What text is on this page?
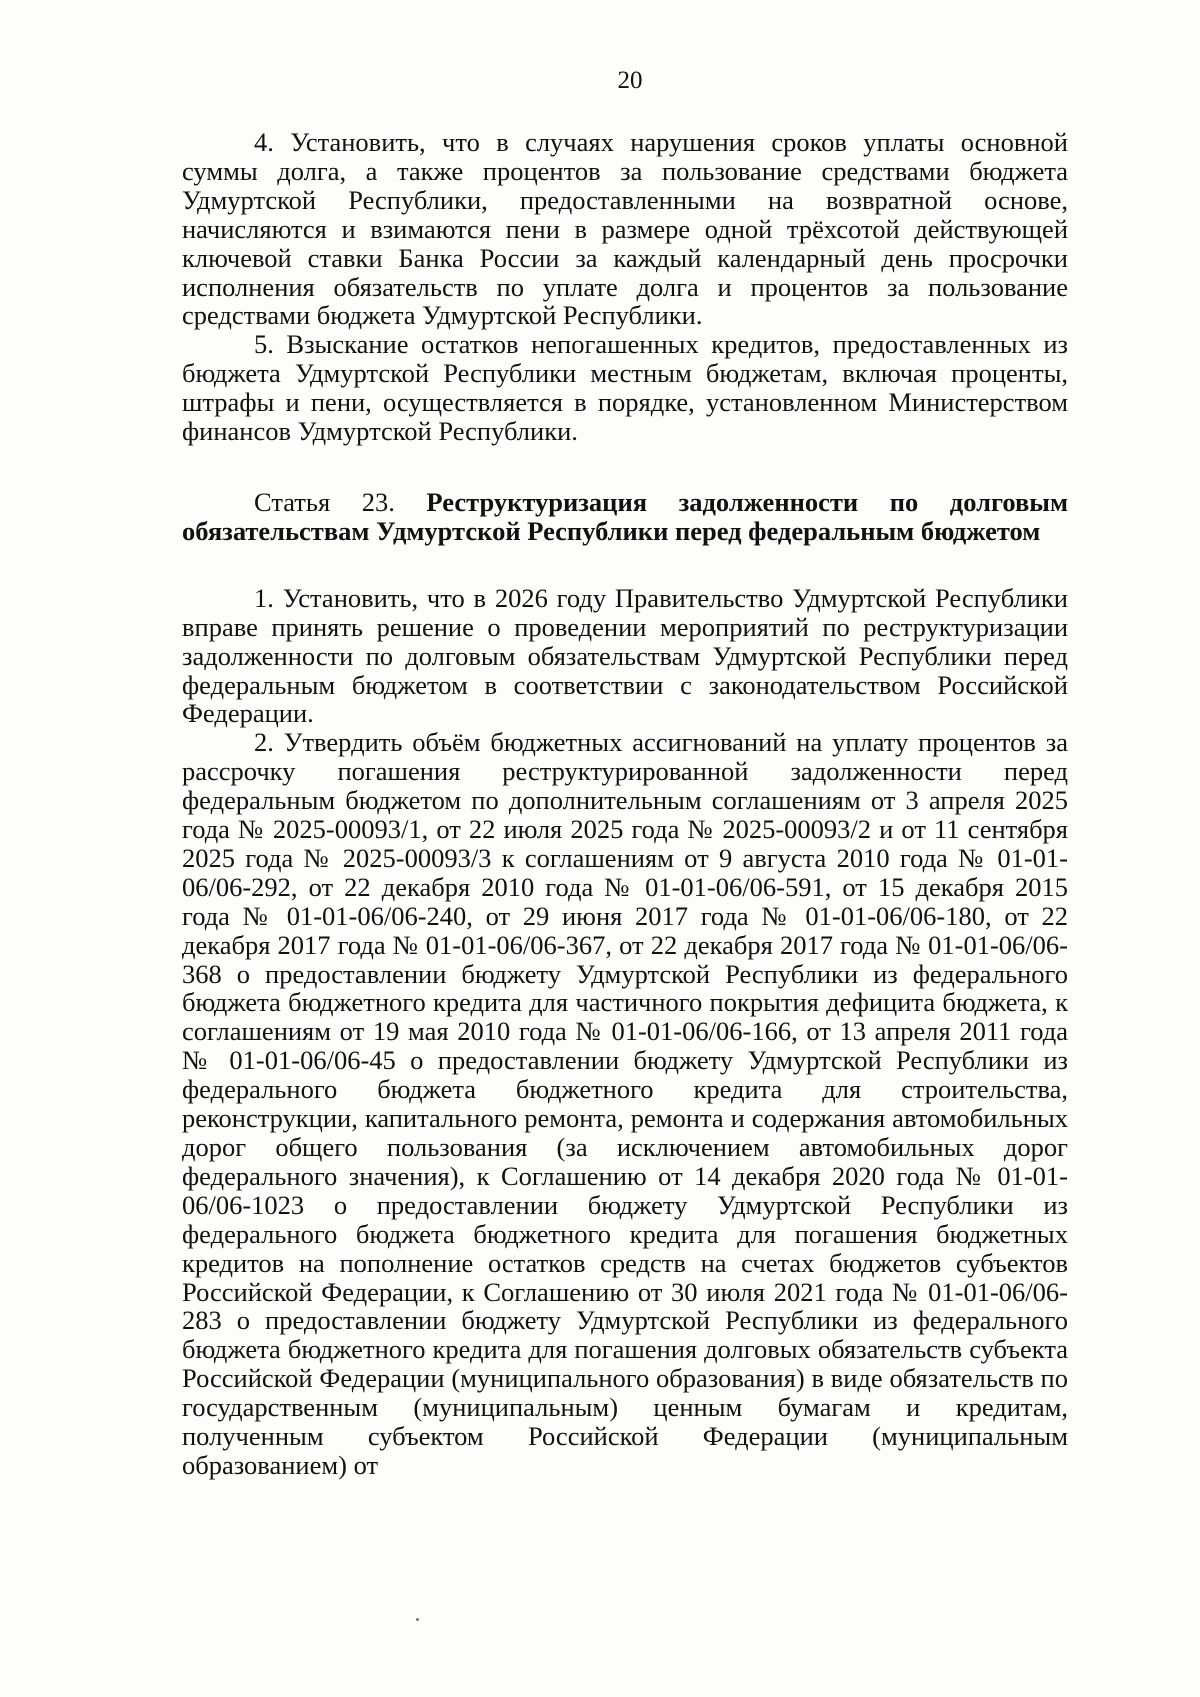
20

4. Установить, что в случаях нарушения сроков уплаты основной суммы долга, а также процентов за пользование средствами бюджета Удмуртской Республики, предоставленными на возвратной основе, начисляются и взимаются пени в размере одной трёхсотой действующей ключевой ставки Банка России за каждый календарный день просрочки исполнения обязательств по уплате долга и процентов за пользование средствами бюджета Удмуртской Республики.

5. Взыскание остатков непогашенных кредитов, предоставленных из бюджета Удмуртской Республики местным бюджетам, включая проценты, штрафы и пени, осуществляется в порядке, установленном Министерством финансов Удмуртской Республики.

Статья 23. Реструктуризация задолженности по долговым обязательствам Удмуртской Республики перед федеральным бюджетом

1. Установить, что в 2026 году Правительство Удмуртской Республики вправе принять решение о проведении мероприятий по реструктуризации задолженности по долговым обязательствам Удмуртской Республики перед федеральным бюджетом в соответствии с законодательством Российской Федерации.

2. Утвердить объём бюджетных ассигнований на уплату процентов за рассрочку погашения реструктурированной задолженности перед федеральным бюджетом по дополнительным соглашениям от 3 апреля 2025 года № 2025-00093/1, от 22 июля 2025 года № 2025-00093/2 и от 11 сентября 2025 года № 2025-00093/3 к соглашениям от 9 августа 2010 года № 01-01-06/06-292, от 22 декабря 2010 года № 01-01-06/06-591, от 15 декабря 2015 года № 01-01-06/06-240, от 29 июня 2017 года № 01-01-06/06-180, от 22 декабря 2017 года № 01-01-06/06-367, от 22 декабря 2017 года № 01-01-06/06-368 о предоставлении бюджету Удмуртской Республики из федерального бюджета бюджетного кредита для частичного покрытия дефицита бюджета, к соглашениям от 19 мая 2010 года № 01-01-06/06-166, от 13 апреля 2011 года № 01-01-06/06-45 о предоставлении бюджету Удмуртской Республики из федерального бюджета бюджетного кредита для строительства, реконструкции, капитального ремонта, ремонта и содержания автомобильных дорог общего пользования (за исключением автомобильных дорог федерального значения), к Соглашению от 14 декабря 2020 года № 01-01-06/06-1023 о предоставлении бюджету Удмуртской Республики из федерального бюджета бюджетного кредита для погашения бюджетных кредитов на пополнение остатков средств на счетах бюджетов субъектов Российской Федерации, к Соглашению от 30 июля 2021 года № 01-01-06/06-283 о предоставлении бюджету Удмуртской Республики из федерального бюджета бюджетного кредита для погашения долговых обязательств субъекта Российской Федерации (муниципального образования) в виде обязательств по государственным (муниципальным) ценным бумагам и кредитам, полученным субъектом Российской Федерации (муниципальным образованием) от
